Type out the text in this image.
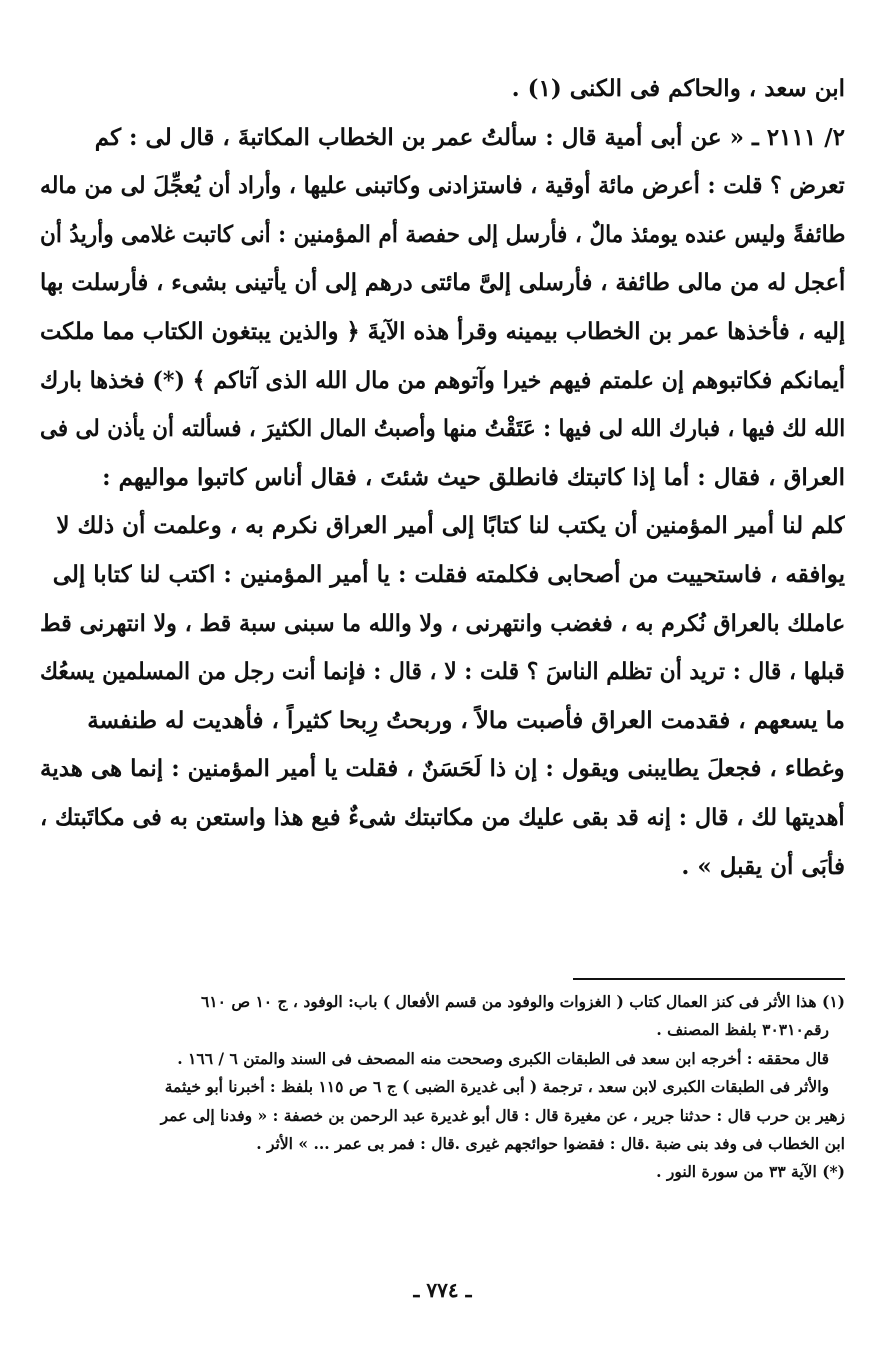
ابن سعد ، والحاكم فى الكنى (١) .
٢/ ٢١١١ ـ « عن أبى أمية قال : سألتُ عمر بن الخطاب المكاتبةَ ، قال لى : كم
تعرض ؟ قلت : أعرض مائة أوقية ، فاستزادنى وكاتبنى عليها ، وأراد أن يُعجِّلَ لى من ماله
طائفةً وليس عنده يومئذ مالٌ ، فأرسل إلى حفصة أم المؤمنين : أنى كاتبت غلامى وأريدُ أن
أعجل له من مالى طائفة ، فأرسلى إلىَّ مائتى درهم إلى أن يأتينى بشىء ، فأرسلت بها
إليه ، فأخذها عمر بن الخطاب بيمينه وقرأ هذه الآيةَ ﴿ والذين يبتغون الكتاب مما ملكت
أيمانكم فكاتبوهم إن علمتم فيهم خيرا وآتوهم من مال الله الذى آتاكم ﴾ (*) فخذها بارك
الله لك فيها ، فبارك الله لى فيها : عَتَقْتُ منها وأصبتُ المال الكثيرَ ، فسألته أن يأذن لى فى
العراق ، فقال : أما إذا كاتبتك فانطلق حيث شئتَ ، فقال أناس كاتبوا مواليهم :
كلم لنا أمير المؤمنين أن يكتب لنا كتابًا إلى أمير العراق نكرم به ، وعلمت أن ذلك لا
يوافقه ، فاستحييت من أصحابى فكلمته فقلت : يا أمير المؤمنين : اكتب لنا كتابا إلى
عاملك بالعراق نُكرم به ، فغضب وانتهرنى ، ولا والله ما سبنى سبة قط ، ولا انتهرنى قط
قبلها ، قال : تريد أن تظلم الناسَ ؟ قلت : لا ، قال : فإنما أنت رجل من المسلمين يسعُك
ما يسعهم ، فقدمت العراق فأصبت مالاً ، وربحتُ رِبحا كثيراً ، فأهديت له طنفسة
وغطاء ، فجعلَ يطايبنى ويقول : إن ذا لَحَسَنٌ ، فقلت يا أمير المؤمنين : إنما هى هدية
أهديتها لك ، قال : إنه قد بقى عليك من مكاتبتك شىءٌ فبع هذا واستعن به فى مكاتَبتك ،
فأَبَى أن يقبل » .
(١) هذا الأثر فى كنز العمال كتاب ( الغزوات والوفود من قسم الأفعال ) باب: الوفود ، ج ١٠ ص ٦١٠
رقم٣٠٣١٠ بلفظ المصنف .
قال محققه : أخرجه ابن سعد فى الطبقات الكبرى وصححت منه المصحف فى السند والمتن ٦ / ١٦٦ .
والأثر فى الطبقات الكبرى لابن سعد ، ترجمة ( أبى غديرة الضبى ) ج ٦ ص ١١٥ بلفظ : أخبرنا أبو خيثمة
زهير بن حرب قال : حدثنا جرير ، عن مغيرة قال : قال أبو غديرة عبد الرحمن بن خصفة : « وفدنا إلى عمر
ابن الخطاب فى وفد بنى ضبة .قال : فقضوا حوائجهم غيرى .قال : فمر بى عمر ... » الأثر .
(*) الآية ٣٣ من سورة النور .
ـ ٧٧٤ ـ
